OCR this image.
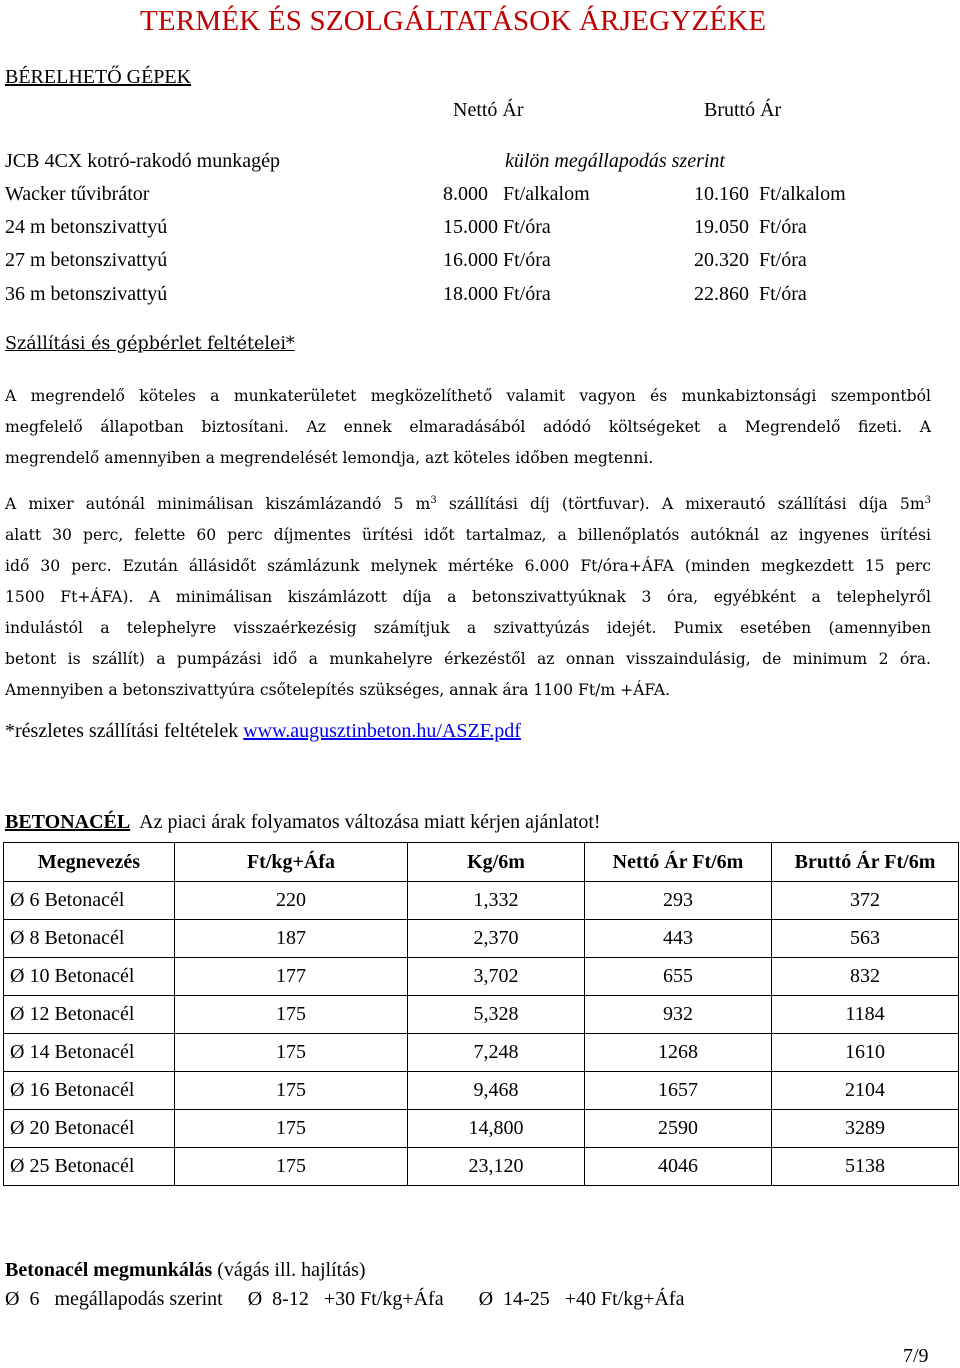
TERMÉK ÉS SZOLGÁLTATÁSOK ÁRJEGYZÉKE
BÉRELHETŐ GÉPEK
Nettó Ár	Bruttó Ár
JCB 4CX kotró-rakodó munkagép	külön megállapodás szerint
Wacker tűvibrátor	8.000   Ft/alkalom	10.160  Ft/alkalom
24 m betonszivattyú	15.000 Ft/óra	19.050  Ft/óra
27 m betonszivattyú	16.000 Ft/óra	20.320  Ft/óra
36 m betonszivattyú	18.000 Ft/óra	22.860  Ft/óra
Szállítási és gépbérlet feltételei*
A megrendelő köteles a munkaterületet megközelíthető valamit vagyon és munkabiztonsági szempontból
megfelelő állapotban biztosítani. Az ennek elmaradásából adódó költségeket a Megrendelő fizeti. A
megrendelő amennyiben a megrendelését lemondja, azt köteles időben megtenni.
A mixer autónál minimálisan kiszámlázandó 5 $m^3$ szállítási díj (törtfuvar). A mixerautó szállítási díja $5m^3$
alatt 30 perc, felette 60 perc díjmentes ürítési időt tartalmaz, a billenőplatós autóknál az ingyenes ürítési
idő 30 perc. Ezután állásidőt számlázunk melynek mértéke 6.000 Ft/óra+ÁFA (minden megkezdett 15 perc
1500 Ft+ÁFA). A minimálisan kiszámlázott díja a betonszivattyúknak 3 óra, egyébként a telephelyről
indulástól a telephelyre visszaérkezésig számítjuk a szivattyúzás idejét. Pumix esetében (amennyiben
betont is szállít) a pumpázási idő a munkahelyre érkezéstől az onnan visszaindulásig, de minimum 2 óra.
Amennyiben a betonszivattyúra csőtelepítés szükséges, annak ára 1100 Ft/m +ÁFA.
*részletes szállítási feltételek www.augusztinbeton.hu/ASZF.pdf
BETONACÉL  Az piaci árak folyamatos változása miatt kérjen ajánlatot!
Megnevezés	Ft/kg+Áfa	Kg/6m	Nettó Ár Ft/6m	Bruttó Ár Ft/6m
Ø 6 Betonacél	220	1,332	293	372
Ø 8 Betonacél	187	2,370	443	563
Ø 10 Betonacél	177	3,702	655	832
Ø 12 Betonacél	175	5,328	932	1184
Ø 14 Betonacél	175	7,248	1268	1610
Ø 16 Betonacél	175	9,468	1657	2104
Ø 20 Betonacél	175	14,800	2590	3289
Ø 25 Betonacél	175	23,120	4046	5138
Betonacél megmunkálás (vágás ill. hajlítás)
Ø  6   megállapodás szerint     Ø  8-12   +30 Ft/kg+Áfa       Ø  14-25   +40 Ft/kg+Áfa
7/9
